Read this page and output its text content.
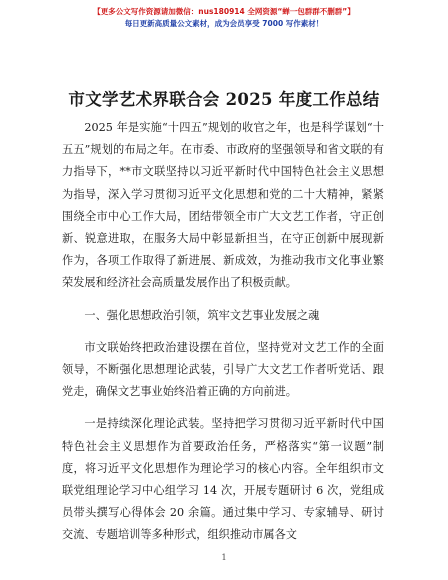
【更多公文写作资源请加微信：nus180914 全网资源“蝉一包群群不删群”】
每日更新高质量公文素材，成为会员享受 7000 写作素材！
市文学艺术界联合会 2025 年度工作总结

2025 年是实施“十四五”规划的收官之年，也是科学谋划“十五五”规划的布局之年。在市委、市政府的坚强领导和省文联的有力指导下，**市文联坚持以习近平新时代中国特色社会主义思想为指导，深入学习贯彻习近平文化思想和党的二十大精神，紧紧围绕全市中心工作大局，团结带领全市广大文艺工作者，守正创新、锐意进取，在服务大局中彰显新担当，在守正创新中展现新作为，各项工作取得了新进展、新成效，为推动我市文化事业繁荣发展和经济社会高质量发展作出了积极贡献。

一、强化思想政治引领，筑牢文艺事业发展之魂

市文联始终把政治建设摆在首位，坚持党对文艺工作的全面领导，不断强化思想理论武装，引导广大文艺工作者听党话、跟党走，确保文艺事业始终沿着正确的方向前进。

一是持续深化理论武装。坚持把学习贯彻习近平新时代中国特色社会主义思想作为首要政治任务，严格落实“第一议题”制度，将习近平文化思想作为理论学习的核心内容。全年组织市文联党组理论学习中心组学习 14 次，开展专题研讨 6 次，党组成员带头撰写心得体会 20 余篇。通过集中学习、专家辅导、研讨交流、专题培训等多种形式，组织推动市属各文

1
